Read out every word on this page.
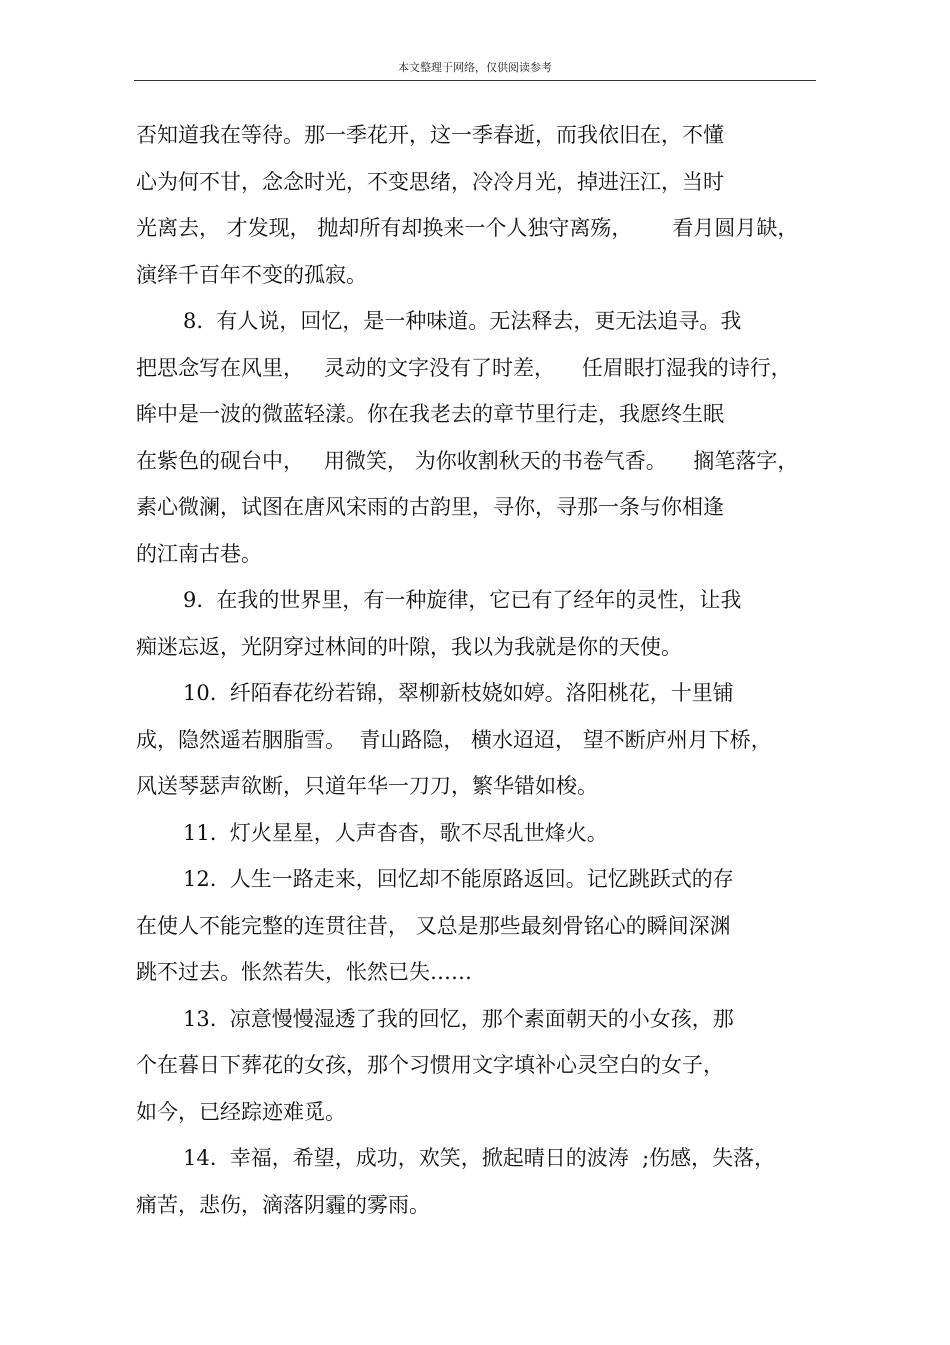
本文整理于网络，仅供阅读参考
否知道我在等待。那一季花开，这一季春逝，而我依旧在，不懂
心为何不甘，念念时光，不变思绪，冷冷月光，掉进汪江，当时
光离去， 才发现， 抛却所有却换来一个人独守离殇，      看月圆月缺，
演绎千百年不变的孤寂。
8.  有人说，回忆，是一种味道。无法释去，更无法追寻。我
把思念写在风里，   灵动的文字没有了时差，    任眉眼打湿我的诗行，
眸中是一波的微蓝轻漾。你在我老去的章节里行走，我愿终生眠
在紫色的砚台中，   用微笑， 为你收割秋天的书卷气香。    搁笔落字，
素心微澜，试图在唐风宋雨的古韵里，寻你，寻那一条与你相逢
的江南古巷。
9.  在我的世界里，有一种旋律，它已有了经年的灵性，让我
痴迷忘返，光阴穿过林间的叶隙，我以为我就是你的天使。
10.  纤陌春花纷若锦，翠柳新枝娆如婷。洛阳桃花，十里铺
成，隐然遥若胭脂雪。  青山路隐， 横水迢迢， 望不断庐州月下桥，
风送琴瑟声欲断，只道年华一刀刀，繁华错如梭。
11.  灯火星星，人声杳杳，歌不尽乱世烽火。
12.  人生一路走来，回忆却不能原路返回。记忆跳跃式的存
在使人不能完整的连贯往昔， 又总是那些最刻骨铭心的瞬间深渊
跳不过去。怅然若失，怅然已失……
13.  凉意慢慢湿透了我的回忆，那个素面朝天的小女孩，那
个在暮日下葬花的女孩，那个习惯用文字填补心灵空白的女子，
如今，已经踪迹难觅。
14.  幸福，希望，成功，欢笑，掀起晴日的波涛  ;伤感，失落，
痛苦，悲伤，滴落阴霾的雾雨。
